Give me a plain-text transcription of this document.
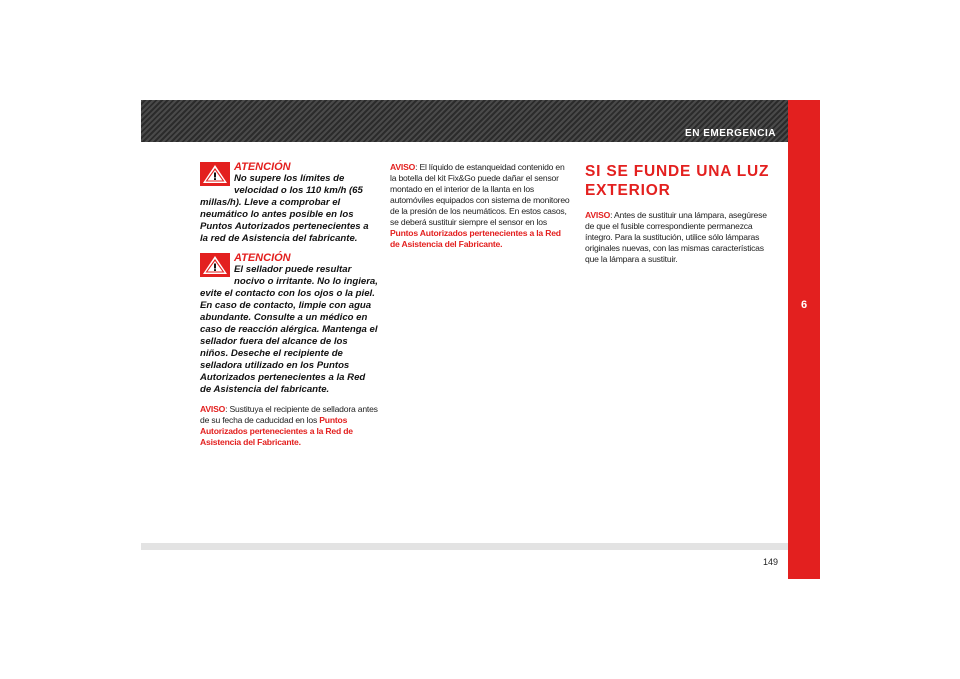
EN EMERGENCIA
6
ATENCIÓN
No supere los límites de velocidad o los 110 km/h (65 millas/h). Lleve a comprobar el neumático lo antes posible en los Puntos Autorizados pertenecientes a la red de Asistencia del fabricante.
ATENCIÓN
El sellador puede resultar nocivo o irritante. No lo ingiera, evite el contacto con los ojos o la piel. En caso de contacto, limpie con agua abundante. Consulte a un médico en caso de reacción alérgica. Mantenga el sellador fuera del alcance de los niños. Deseche el recipiente de selladora utilizado en los Puntos Autorizados pertenecientes a la Red de Asistencia del fabricante.
AVISO: Sustituya el recipiente de selladora antes de su fecha de caducidad en los Puntos Autorizados pertenecientes a la Red de Asistencia del Fabricante.
AVISO: El líquido de estanqueidad contenido en la botella del kit Fix&Go puede dañar el sensor montado en el interior de la llanta en los automóviles equipados con sistema de monitoreo de la presión de los neumáticos. En estos casos, se deberá sustituir siempre el sensor en los Puntos Autorizados pertenecientes a la Red de Asistencia del Fabricante.
SI SE FUNDE UNA LUZ EXTERIOR
AVISO: Antes de sustituir una lámpara, asegúrese de que el fusible correspondiente permanezca íntegro. Para la sustitución, utilice sólo lámparas originales nuevas, con las mismas características que la lámpara a sustituir.
149
